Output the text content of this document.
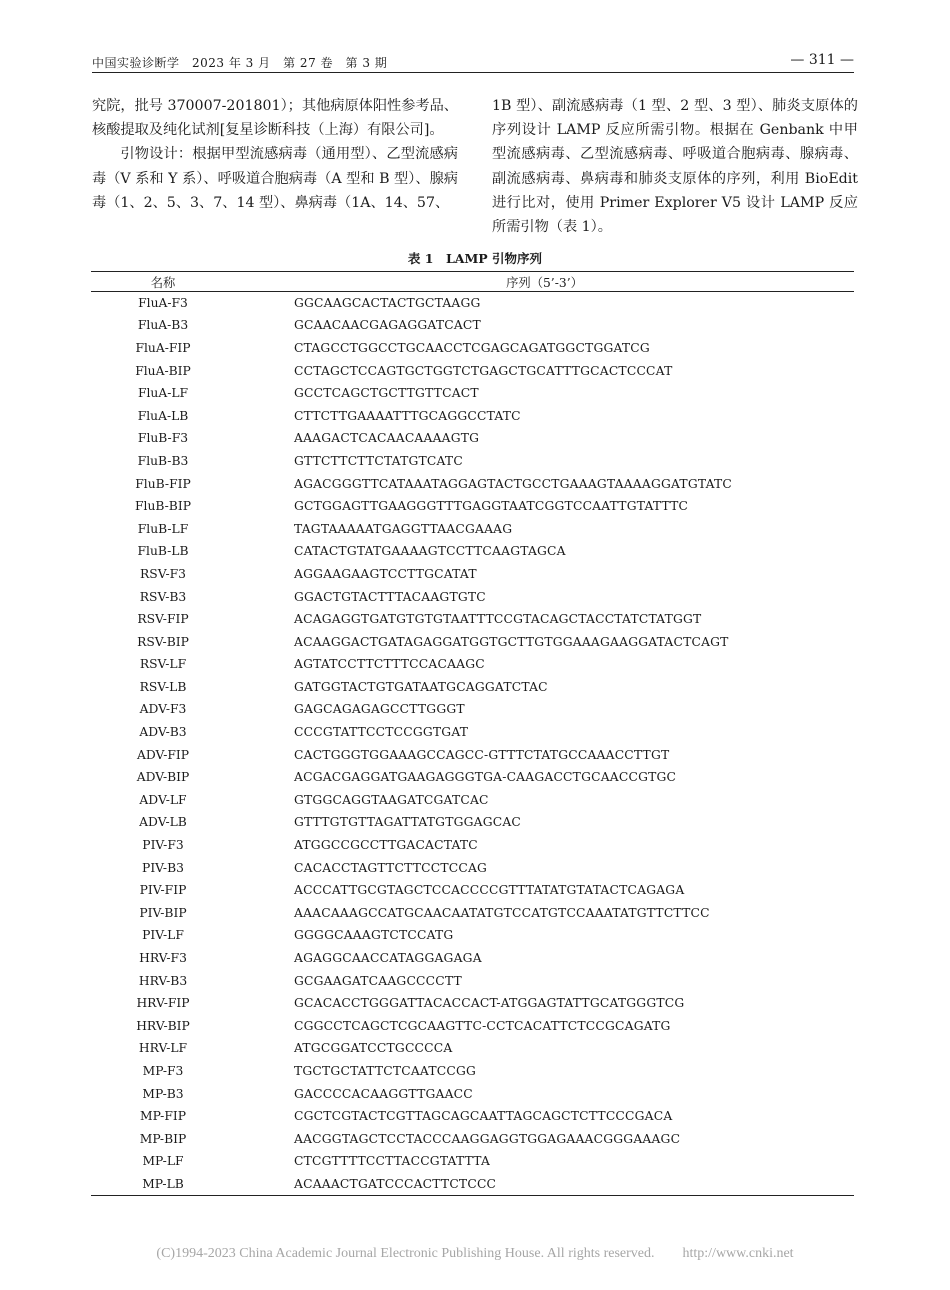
中国实验诊断学　2023 年 3 月　第 27 卷　第 3 期	— 311 —

究院，批号 370007-201801）；其他病原体阳性参考品、核酸提取及纯化试剂[复星诊断科技（上海）有限公司]。

引物设计：根据甲型流感病毒（通用型）、乙型流感病毒（V 系和 Y 系）、呼吸道合胞病毒（A 型和 B 型）、腺病毒（1、2、5、3、7、14 型）、鼻病毒（1A、14、57、

1B 型）、副流感病毒（1 型、2 型、3 型）、肺炎支原体的序列设计 LAMP 反应所需引物。根据在 Genbank 中甲型流感病毒、乙型流感病毒、呼吸道合胞病毒、腺病毒、副流感病毒、鼻病毒和肺炎支原体的序列，利用 BioEdit 进行比对，使用 Primer Explorer V5 设计 LAMP 反应所需引物（表 1）。

表 1　LAMP 引物序列
名称	序列（5’-3’）
FluA-F3	GGCAAGCACTACTGCTAAGG
FluA-B3	GCAACAACGAGAGGATCACT
FluA-FIP	CTAGCCTGGCCTGCAACCTCGAGCAGATGGCTGGATCG
FluA-BIP	CCTAGCTCCAGTGCTGGTCTGAGCTGCATTTGCACTCCCAT
FluA-LF	GCCTCAGCTGCTTGTTCACT
FluA-LB	CTTCTTGAAAATTTGCAGGCCTATC
FluB-F3	AAAGACTCACAACAAAAGTG
FluB-B3	GTTCTTCTTCTATGTCATC
FluB-FIP	AGACGGGTTCATAAATAGGAGTACTGCCTGAAAGTAAAAGGATGTATC
FluB-BIP	GCTGGAGTTGAAGGGTTTGAGGTAATCGGTCCAATTGTATTTC
FluB-LF	TAGTAAAAATGAGGTTAACGAAAG
FluB-LB	CATACTGTATGAAAAGTCCTTCAAGTAGCA
RSV-F3	AGGAAGAAGTCCTTGCATAT
RSV-B3	GGACTGTACTTTACAAGTGTC
RSV-FIP	ACAGAGGTGATGTGTGTAATTTCCGTACAGCTACCTATCTATGGT
RSV-BIP	ACAAGGACTGATAGAGGATGGTGCTTGTGGAAAGAAGGATACTCAGT
RSV-LF	AGTATCCTTCTTTCCACAAGC
RSV-LB	GATGGTACTGTGATAATGCAGGATCTAC
ADV-F3	GAGCAGAGAGCCTTGGGT
ADV-B3	CCCGTATTCCTCCGGTGAT
ADV-FIP	CACTGGGTGGAAAGCCAGCC-GTTTCTATGCCAAACCTTGT
ADV-BIP	ACGACGAGGATGAAGAGGGTGA-CAAGACCTGCAACCGTGC
ADV-LF	GTGGCAGGTAAGATCGATCAC
ADV-LB	GTTTGTGTTAGATTATGTGGAGCAC
PIV-F3	ATGGCCGCCTTGACACTATC
PIV-B3	CACACCTAGTTCTTCCTCCAG
PIV-FIP	ACCCATTGCGTAGCTCCACCCCGTTTATATGTATACTCAGAGA
PIV-BIP	AAACAAAGCCATGCAACAATATGTCCATGTCCAAATATGTTCTTCC
PIV-LF	GGGGCAAAGTCTCCATG
HRV-F3	AGAGGCAACCATAGGAGAGA
HRV-B3	GCGAAGATCAAGCCCCTT
HRV-FIP	GCACACCTGGGATTACACCACT-ATGGAGTATTGCATGGGTCG
HRV-BIP	CGGCCTCAGCTCGCAAGTTC-CCTCACATTCTCCGCAGATG
HRV-LF	ATGCGGATCCTGCCCCA
MP-F3	TGCTGCTATTCTCAATCCGG
MP-B3	GACCCCACAAGGTTGAACC
MP-FIP	CGCTCGTACTCGTTAGCAGCAATTAGCAGCTCTTCCCGACA
MP-BIP	AACGGTAGCTCCTACCCAAGGAGGTGGAGAAACGGGAAAGC
MP-LF	CTCGTTTTCCTTACCGTATTTA
MP-LB	ACAAACTGATCCCACTTCTCCC
(C)1994-2023 China Academic Journal Electronic Publishing House. All rights reserved.　　http://www.cnki.net
